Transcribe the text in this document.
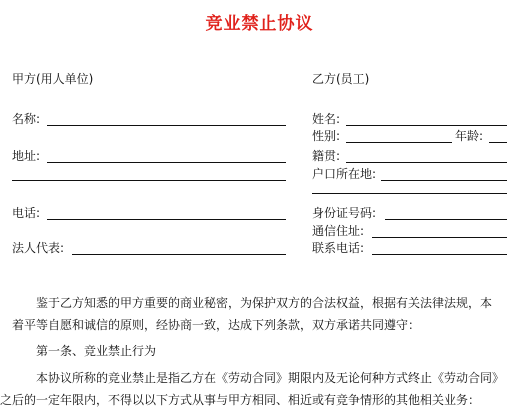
竞业禁止协议
甲方(用人单位)
名称:
地址:
电话:
法人代表:
乙方(员工)
姓名:
性别:	年龄:
籍贯:
户口所在地:
身份证号码:
通信住址:
联系电话:
鉴于乙方知悉的甲方重要的商业秘密，为保护双方的合法权益，根据有关法律法规，本
着平等自愿和诚信的原则，经协商一致，达成下列条款，双方承诺共同遵守：
第一条、竞业禁止行为
本协议所称的竞业禁止是指乙方在《劳动合同》期限内及无论何种方式终止《劳动合同》
之后的一定年限内，不得以以下方式从事与甲方相同、相近或有竞争情形的其他相关业务：
